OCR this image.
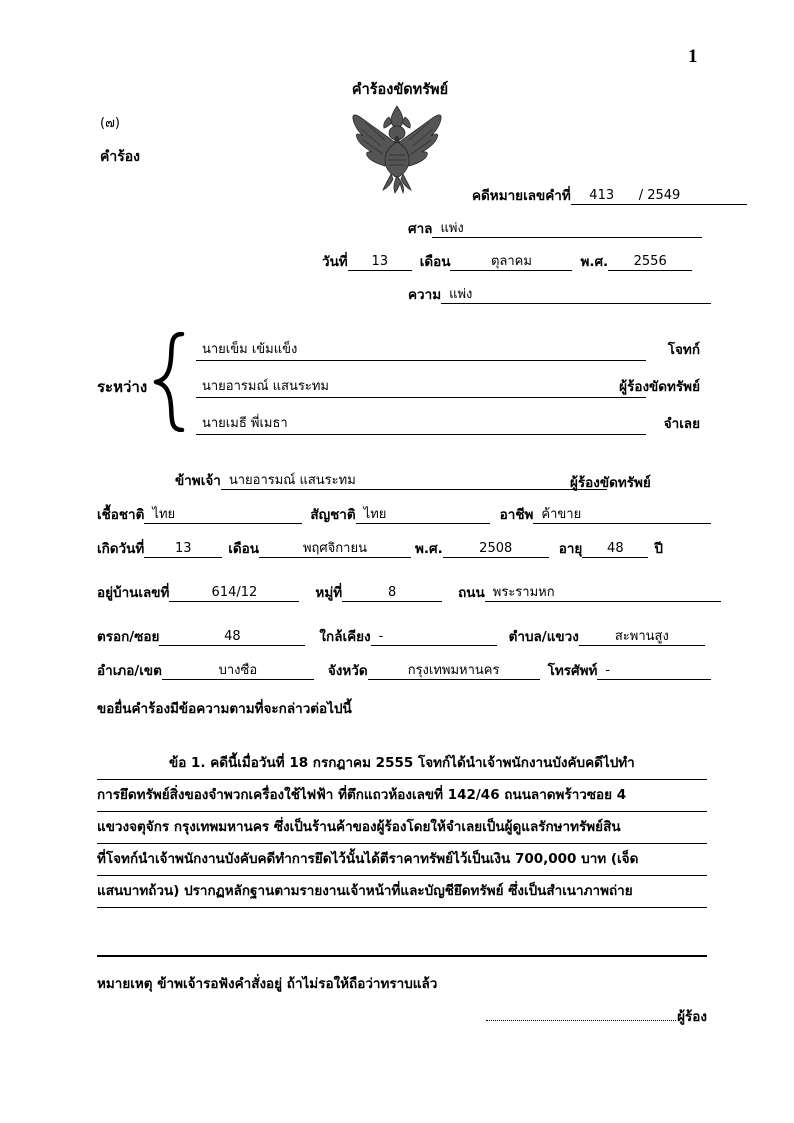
1
(๗)
คำร้อง
คำร้องขัดทรัพย์
คดีหมายเลขคำที่ 413 / 2549
ศาล แพ่ง
วันที่ 13 เดือน	ตุลาคม	พ.ศ. 2556
ความ แพ่ง
ระหว่าง
นายเข็ม เข้มแข็ง	โจทก์
นายอารมณ์ แสนระทม	ผู้ร้องขัดทรัพย์
นายเมธี พี่เมธา	จำเลย
ข้าพเจ้า นายอารมณ์ แสนระทม	ผู้ร้องขัดทรัพย์
เชื้อชาติ ไทย	สัญชาติ ไทย	อาชีพ ค้าขาย
เกิดวันที่ 13	เดือน	พฤศจิกายน	พ.ศ.	2508	อายุ 48 ปี
อยู่บ้านเลขที่	614/12	หมู่ที่	8	ถนน พระรามหก
ตรอก/ซอย	48	ใกล้เคียง -	ตำบล/แขวง	สะพานสูง
อำเภอ/เขต	บางซื่อ	จังหวัด	กรุงเทพมหานคร	โทรศัพท์ -
ขอยื่นคำร้องมีข้อความตามที่จะกล่าวต่อไปนี้
ข้อ 1. คดีนี้เมื่อวันที่ 18 กรกฎาคม 2555 โจทก์ได้นำเจ้าพนักงานบังคับคดีไปทำ
การยึดทรัพย์สิ่งของจำพวกเครื่องใช้ไฟฟ้า ที่ตึกแถวห้องเลขที่ 142/46 ถนนลาดพร้าวซอย 4
แขวงจตุจักร กรุงเทพมหานคร ซึ่งเป็นร้านค้าของผู้ร้องโดยให้จำเลยเป็นผู้ดูแลรักษาทรัพย์สิน
ที่โจทก์นำเจ้าพนักงานบังคับคดีทำการยึดไว้นั้นได้ตีราคาทรัพย์ไว้เป็นเงิน 700,000 บาท (เจ็ด
แสนบาทถ้วน) ปรากฏหลักฐานตามรายงานเจ้าหน้าที่และบัญชียึดทรัพย์ ซึ่งเป็นสำเนาภาพถ่าย
หมายเหตุ ข้าพเจ้ารอฟังคำสั่งอยู่ ถ้าไม่รอให้ถือว่าทราบแล้ว
ผู้ร้อง
